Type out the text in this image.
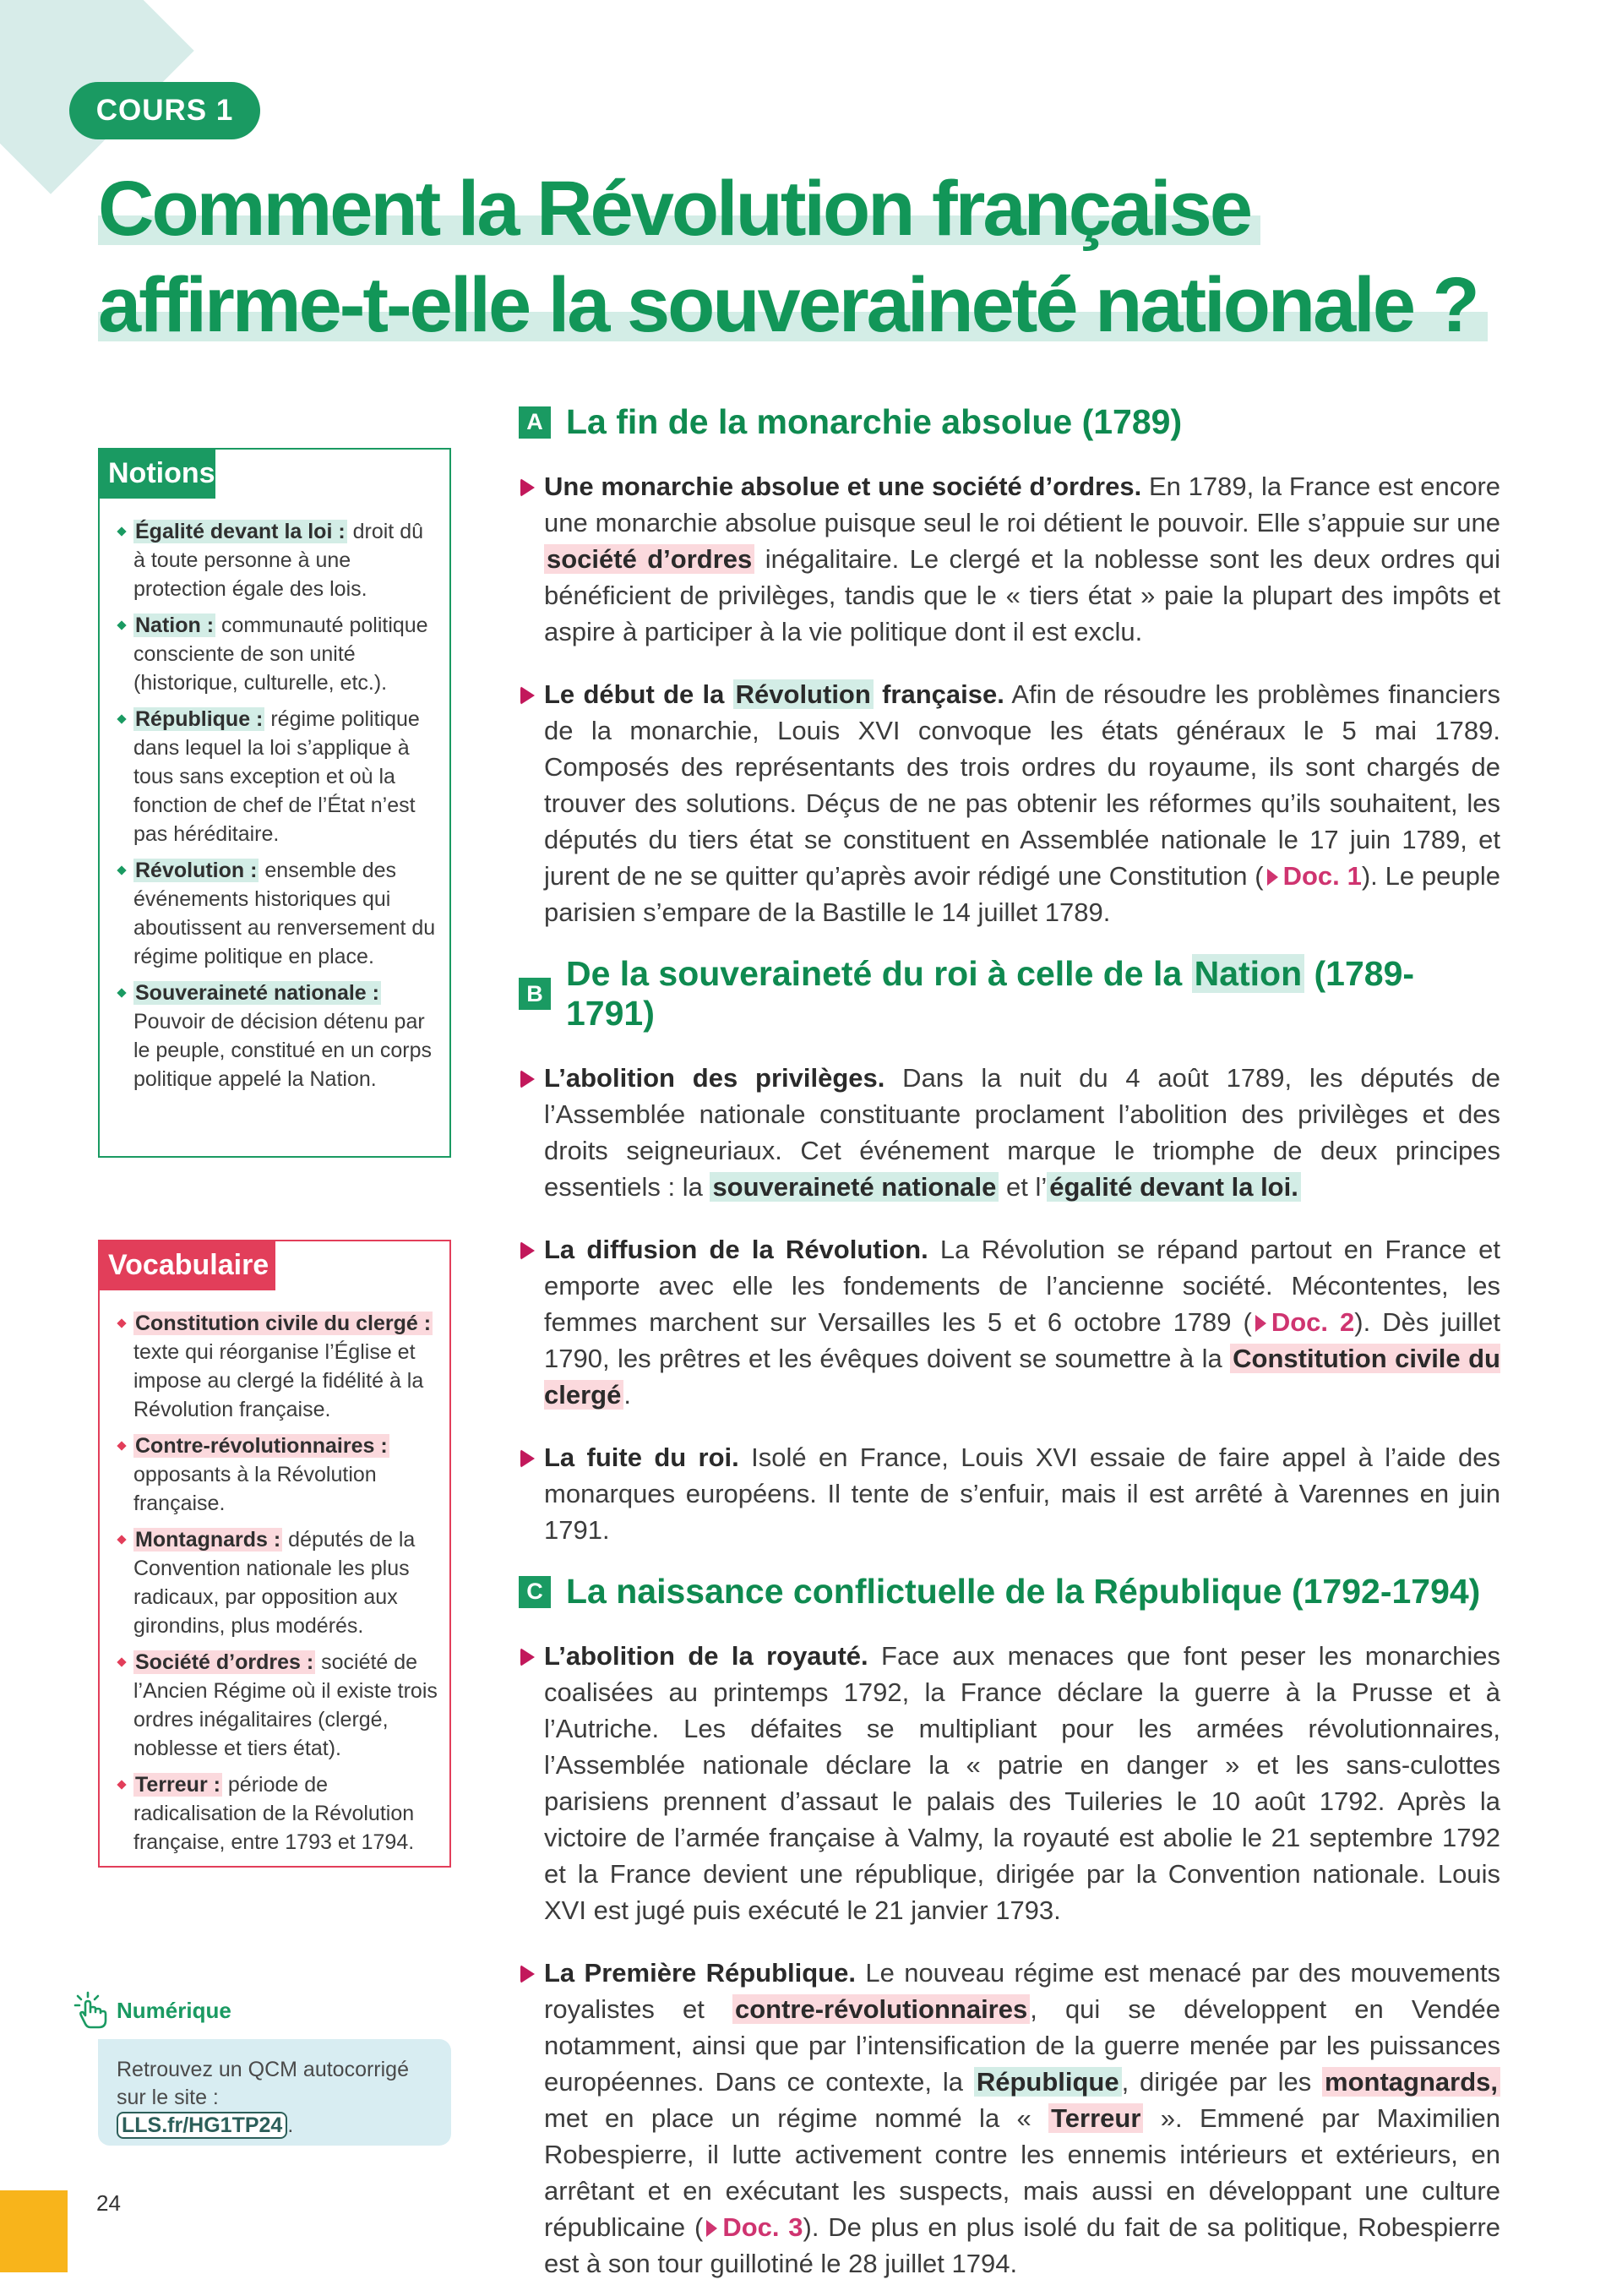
COURS 1
Comment la Révolution française
affirme-t-elle la souveraineté nationale ?
Notions
Égalité devant la loi : droit dû à toute personne à une protection égale des lois.
Nation : communauté politique consciente de son unité (historique, culturelle, etc.).
République : régime politique dans lequel la loi s’applique à tous sans exception et où la fonction de chef de l’État n’est pas héréditaire.
Révolution : ensemble des événements historiques qui aboutissent au renversement du régime politique en place.
Souveraineté nationale : Pouvoir de décision détenu par le peuple, constitué en un corps politique appelé la Nation.
Vocabulaire
Constitution civile du clergé : texte qui réorganise l’Église et impose au clergé la fidélité à la Révolution française.
Contre-révolutionnaires : opposants à la Révolution française.
Montagnards : députés de la Convention nationale les plus radicaux, par opposition aux girondins, plus modérés.
Société d’ordres : société de l’Ancien Régime où il existe trois ordres inégalitaires (clergé, noblesse et tiers état).
Terreur : période de radicalisation de la Révolution française, entre 1793 et 1794.
Numérique
Retrouvez un QCM autocorrigé sur le site :
LLS.fr/HG1TP24 .
24
A La fin de la monarchie absolue (1789)

Une monarchie absolue et une société d’ordres. En 1789, la France est encore une monarchie absolue puisque seul le roi détient le pouvoir. Elle s’appuie sur une société d’ordres inégalitaire. Le clergé et la noblesse sont les deux ordres qui bénéficient de privilèges, tandis que le « tiers état » paie la plupart des impôts et aspire à participer à la vie politique dont il est exclu.

Le début de la Révolution française. Afin de résoudre les problèmes financiers de la monarchie, Louis XVI convoque les états généraux le 5 mai 1789. Composés des représentants des trois ordres du royaume, ils sont chargés de trouver des solutions. Déçus de ne pas obtenir les réformes qu’ils souhaitent, les députés du tiers état se constituent en Assemblée nationale le 17 juin 1789, et jurent de ne se quitter qu’après avoir rédigé une Constitution ( Doc. 1). Le peuple parisien s’empare de la Bastille le 14 juillet 1789.

B
De la souveraineté du roi à celle de la Nation (1789-1791)

L’abolition des privilèges. Dans la nuit du 4 août 1789, les députés de l’Assemblée nationale constituante proclament l’abolition des privilèges et des droits seigneuriaux. Cet événement marque le triomphe de deux principes essentiels : la souveraineté nationale et l’égalité devant la loi.

La diffusion de la Révolution. La Révolution se répand partout en France et emporte avec elle les fondements de l’ancienne société. Mécontentes, les femmes marchent sur Versailles les 5 et 6 octobre 1789 ( Doc. 2). Dès juillet 1790, les prêtres et les évêques doivent se soumettre à la Constitution civile du clergé.

La fuite du roi. Isolé en France, Louis XVI essaie de faire appel à l’aide des monarques européens. Il tente de s’enfuir, mais il est arrêté à Varennes en juin 1791.

C La naissance conflictuelle de la République (1792-1794)

L’abolition de la royauté. Face aux menaces que font peser les monarchies coalisées au printemps 1792, la France déclare la guerre à la Prusse et à l’Autriche. Les défaites se multipliant pour les armées révolutionnaires, l’Assemblée nationale déclare la « patrie en danger » et les sans-culottes parisiens prennent d’assaut le palais des Tuileries le 10 août 1792. Après la victoire de l’armée française à Valmy, la royauté est abolie le 21 septembre 1792 et la France devient une république, dirigée par la Convention nationale. Louis XVI est jugé puis exécuté le 21 janvier 1793.

La Première République. Le nouveau régime est menacé par des mouvements royalistes et contre-révolutionnaires, qui se développent en Vendée notamment, ainsi que par l’intensification de la guerre menée par les puissances européennes. Dans ce contexte, la République, dirigée par les montagnards, met en place un régime nommé la « Terreur ». Emmené par Maximilien Robespierre, il lutte activement contre les ennemis intérieurs et extérieurs, en arrêtant et en exécutant les suspects, mais aussi en développant une culture républicaine ( Doc. 3). De plus en plus isolé du fait de sa politique, Robespierre est à son tour guillotiné le 28 juillet 1794.
